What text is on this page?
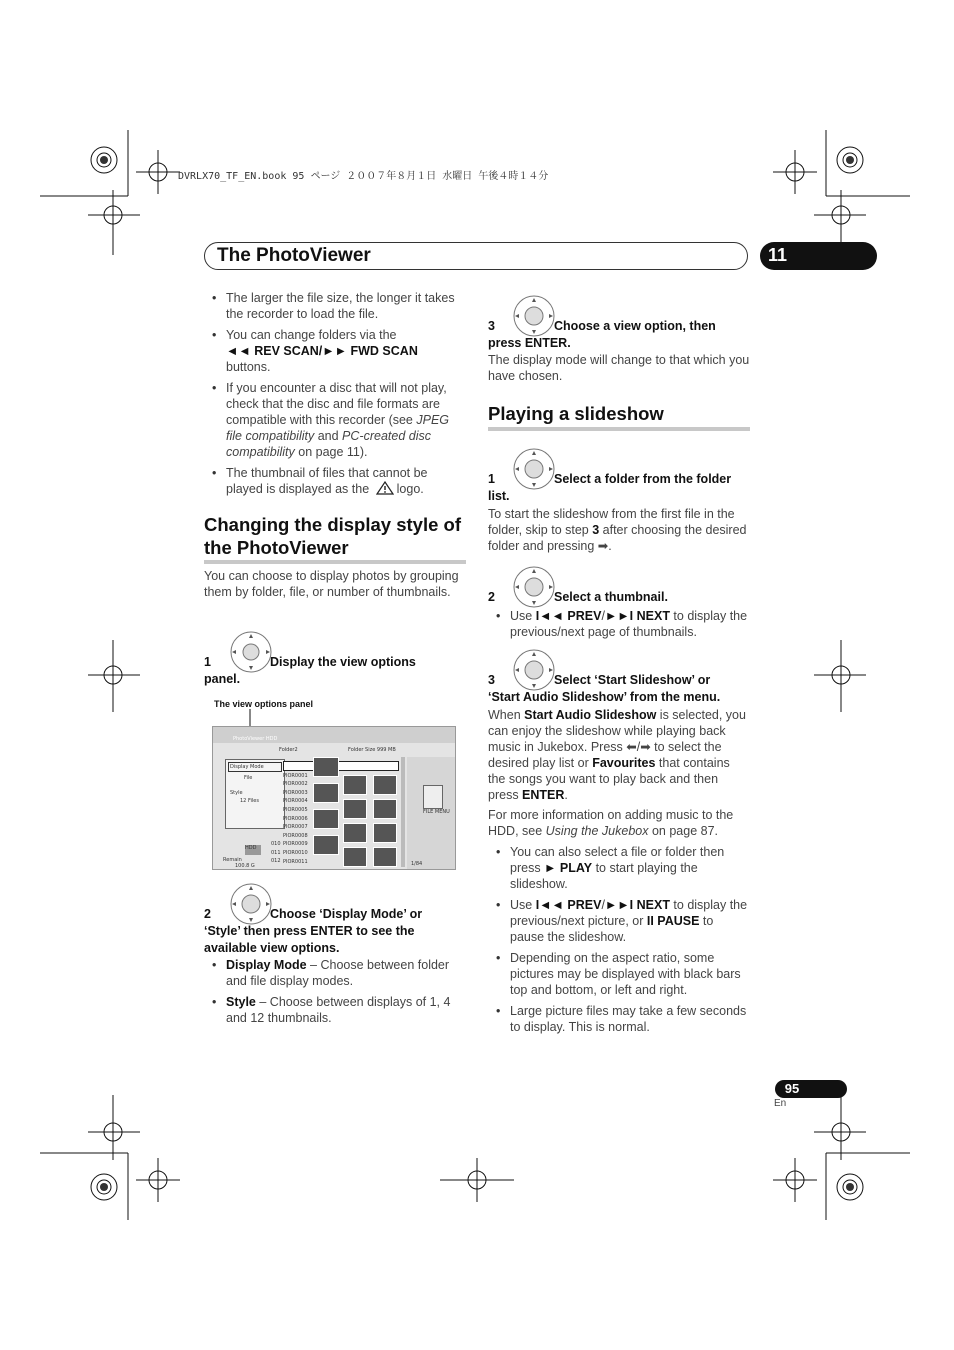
DVRLX70_TF_EN.book 95 ページ ２００７年８月１日 水曜日 午後４時１４分
The PhotoViewer	11
• The larger the file size, the longer it takes the recorder to load the file.
• You can change folders via the
◄◄ REV SCAN/►► FWD SCAN
buttons.
• If you encounter a disc that will not play, check that the disc and file formats are compatible with this recorder (see JPEG file compatibility and PC-created disc compatibility on page 11).
• The thumbnail of files that cannot be played is displayed as the logo.
Changing the display style of
the PhotoViewer
You can choose to display photos by grouping them by folder, file, or number of thumbnails.
1	Display the view options
panel.
The view options panel
PhotoViewer HDD
Folder2	Folder Size 999 MB
Display Mode
File
Style
12 Files
PIOR0001
PIOR0002
PIOR0003
PIOR0004
PIOR0005
PIOR0006
PIOR0007
PIOR0008
PIOR0009
PIOR0010
PIOR0011
010
011
012
FILE MENU
HDD
Remain
100.8 G	1/84
2	Choose ‘Display Mode’ or
‘Style’ then press ENTER to see the available view options.
• Display Mode – Choose between folder and file display modes.
• Style – Choose between displays of 1, 4 and 12 thumbnails.
3	Choose a view option, then
press ENTER.
The display mode will change to that which you have chosen.
Playing a slideshow
1	Select a folder from the folder
list.
To start the slideshow from the first file in the folder, skip to step 3 after choosing the desired folder and pressing ➡.
2	Select a thumbnail.
• Use I◄◄ PREV/►►I NEXT to display the previous/next page of thumbnails.
3	Select ‘Start Slideshow’ or
‘Start Audio Slideshow’ from the menu.
When Start Audio Slideshow is selected, you can enjoy the slideshow while playing back music in Jukebox. Press ⬅/➡ to select the desired play list or Favourites that contains the songs you want to play back and then press ENTER.
For more information on adding music to the HDD, see Using the Jukebox on page 87.
• You can also select a file or folder then press ► PLAY to start playing the slideshow.
• Use I◄◄ PREV/►►I NEXT to display the previous/next picture, or II PAUSE to pause the slideshow.
• Depending on the aspect ratio, some pictures may be displayed with black bars top and bottom, or left and right.
• Large picture files may take a few seconds to display. This is normal.
95
En
